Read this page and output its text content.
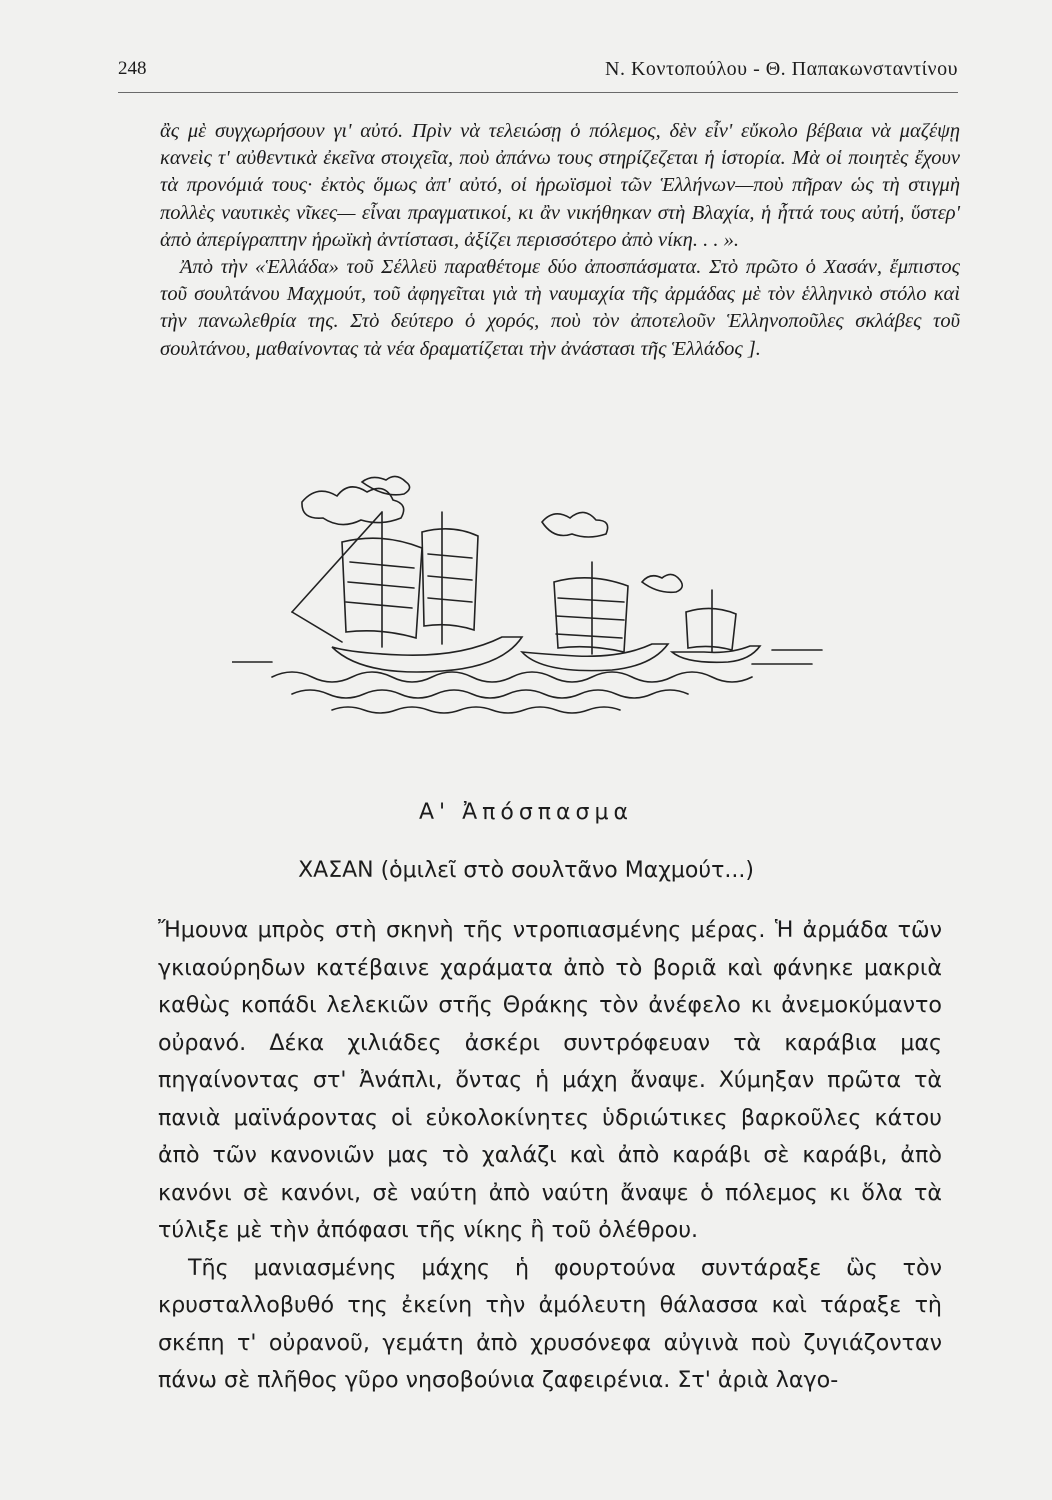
248	Ν. Κοντοπούλου - Θ. Παπακωνσταντίνου

ἂς μὲ συγχωρήσουν γι' αὐτό. Πρὶν νὰ τελειώσῃ ὁ πόλεμος, δὲν εἶν' εὔκολο βέβαια νὰ μαζέψῃ κανεὶς τ' αὐθεντικὰ ἐκεῖνα στοιχεῖα, ποὺ ἀπάνω τους στηρίζεζεται ἡ ἱστορία. Μὰ οἱ ποιητὲς ἔχουν τὰ προνόμιά τους· ἐκτὸς ὅμως ἀπ' αὐτό, οἱ ἡρωϊσμοὶ τῶν Ἑλλήνων—ποὺ πῆραν ὡς τὴ στιγμὴ πολλὲς ναυτικὲς νῖκες— εἶναι πραγματικοί, κι ἂν νικήθηκαν στὴ Βλαχία, ἡ ἧττά τους αὐτή, ὕστερ' ἀπὸ ἀπερίγραπτην ἡρωϊκὴ ἀντίστασι, ἀξίζει περισσότερο ἀπὸ νίκη. . . ».

Ἀπὸ τὴν «Ἑλλάδα» τοῦ Σέλλεϋ παραθέτομε δύο ἀποσπάσματα. Στὸ πρῶτο ὁ Χασάν, ἔμπιστος τοῦ σουλτάνου Μαχμούτ, τοῦ ἀφηγεῖται γιὰ τὴ ναυμαχία τῆς ἀρμάδας μὲ τὸν ἑλληνικὸ στόλο καὶ τὴν πανωλεθρία της. Στὸ δεύτερο ὁ χορός, ποὺ τὸν ἀποτελοῦν Ἑλληνοποῦλες σκλάβες τοῦ σουλτάνου, μαθαίνοντας τὰ νέα δραματίζεται τὴν ἀνάστασι τῆς Ἑλλάδος ].

Α' Ἀπόσπασμα
ΧΑΣΑΝ (ὁμιλεῖ στὸ σουλτᾶνο Μαχμούτ...)

Ἤμουνα μπρὸς στὴ σκηνὴ τῆς ντροπιασμένης μέρας. Ἡ ἀρμάδα τῶν γκιαούρηδων κατέβαινε χαράματα ἀπὸ τὸ βοριᾶ καὶ φάνηκε μακριὰ καθὼς κοπάδι λελεκιῶν στῆς Θράκης τὸν ἀνέφελο κι ἀνεμοκύμαντο οὐρανό. Δέκα χιλιάδες ἀσκέρι συντρόφευαν τὰ καράβια μας πηγαίνοντας στ' Ἀνάπλι, ὄντας ἡ μάχη ἄναψε. Χύμηξαν πρῶτα τὰ πανιὰ μαϊνάροντας οἱ εὐκολοκίνητες ὑδριώτικες βαρκοῦλες κάτου ἀπὸ τῶν κανονιῶν μας τὸ χαλάζι καὶ ἀπὸ καράβι σὲ καράβι, ἀπὸ κανόνι σὲ κανόνι, σὲ ναύτη ἀπὸ ναύτη ἄναψε ὁ πόλεμος κι ὅλα τὰ τύλιξε μὲ τὴν ἀπόφασι τῆς νίκης ἢ τοῦ ὀλέθρου.

Τῆς μανιασμένης μάχης ἡ φουρτούνα συντάραξε ὣς τὸν κρυσταλλοβυθό της ἐκείνη τὴν ἀμόλευτη θάλασσα καὶ τάραξε τὴ σκέπη τ' οὐρανοῦ, γεμάτη ἀπὸ χρυσόνεφα αὐγινὰ ποὺ ζυγιάζονταν πάνω σὲ πλῆθος γῦρο νησοβούνια ζαφειρένια. Στ' ἀριὰ λαγο-
